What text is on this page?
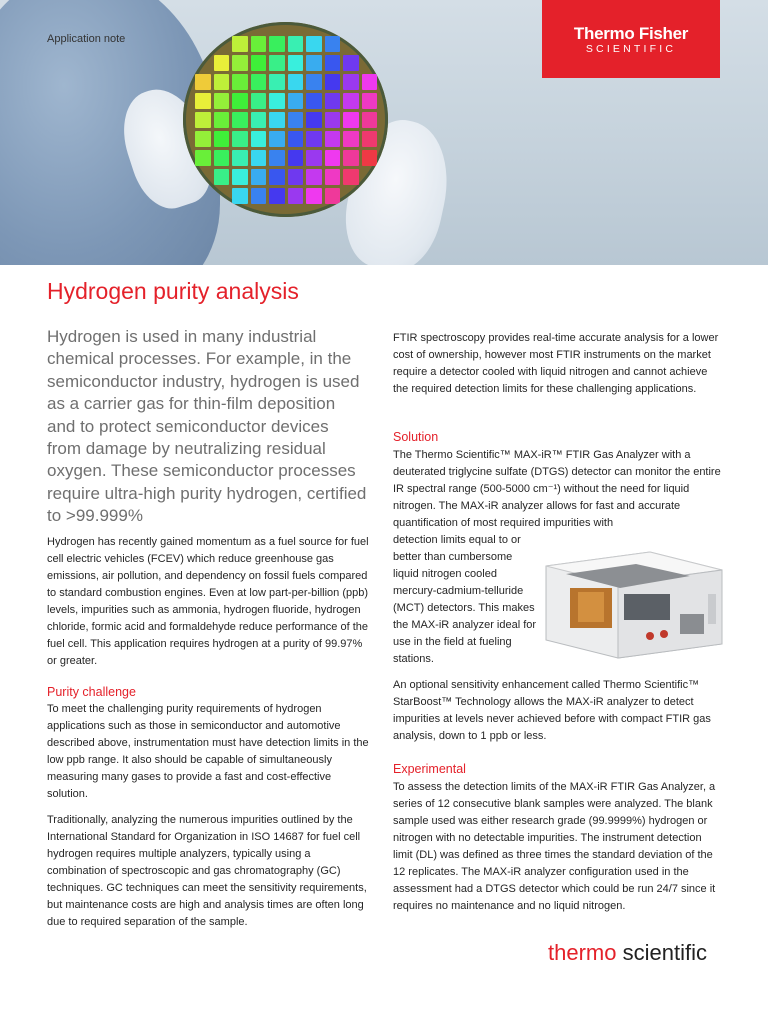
Thermo Fisher
SCIENTIFIC
Application note
Hydrogen purity analysis

Hydrogen is used in many industrial chemical processes. For example, in the semiconductor industry, hydrogen is used as a carrier gas for thin-film deposition and to protect semiconductor devices from damage by neutralizing residual oxygen. These semiconductor processes require ultra-high purity hydrogen, certified to >99.999%

Hydrogen has recently gained momentum as a fuel source for fuel cell electric vehicles (FCEV) which reduce greenhouse gas emissions, air pollution, and dependency on fossil fuels compared to standard combustion engines. Even at low part-per-billion (ppb) levels, impurities such as ammonia, hydrogen fluoride, hydrogen chloride, formic acid and formaldehyde reduce performance of the fuel cell. This application requires hydrogen at a purity of 99.97% or greater.

Purity challenge

To meet the challenging purity requirements of hydrogen applications such as those in semiconductor and automotive described above, instrumentation must have detection limits in the low ppb range. It also should be capable of simultaneously measuring many gases to provide a fast and cost-effective solution.

Traditionally, analyzing the numerous impurities outlined by the International Standard for Organization in ISO 14687 for fuel cell hydrogen requires multiple analyzers, typically using a combination of spectroscopic and gas chromatography (GC) techniques. GC techniques can meet the sensitivity requirements, but maintenance costs are high and analysis times are often long due to required separation of the sample.

FTIR spectroscopy provides real-time accurate analysis for a lower cost of ownership, however most FTIR instruments on the market require a detector cooled with liquid nitrogen and cannot achieve the required detection limits for these challenging applications.

Solution

The Thermo Scientific™ MAX-iR™ FTIR Gas Analyzer with a deuterated triglycine sulfate (DTGS) detector can monitor the entire IR spectral range (500-5000 cm⁻¹) without the need for liquid nitrogen. The MAX-iR analyzer allows for fast and accurate quantification of most required impurities with

detection limits equal to or better than cumbersome liquid nitrogen cooled mercury-cadmium-telluride (MCT) detectors. This makes the MAX-iR analyzer ideal for use in the field at fueling stations.

An optional sensitivity enhancement called Thermo Scientific™ StarBoost™ Technology allows the MAX-iR analyzer to detect impurities at levels never achieved before with compact FTIR gas analysis, down to 1 ppb or less.

Experimental

To assess the detection limits of the MAX-iR FTIR Gas Analyzer, a series of 12 consecutive blank samples were analyzed. The blank sample used was either research grade (99.9999%) hydrogen or nitrogen with no detectable impurities. The instrument detection limit (DL) was defined as three times the standard deviation of the 12 replicates. The MAX-iR analyzer configuration used in the assessment had a DTGS detector which could be run 24/7 since it requires no maintenance and no liquid nitrogen.

thermo scientific
